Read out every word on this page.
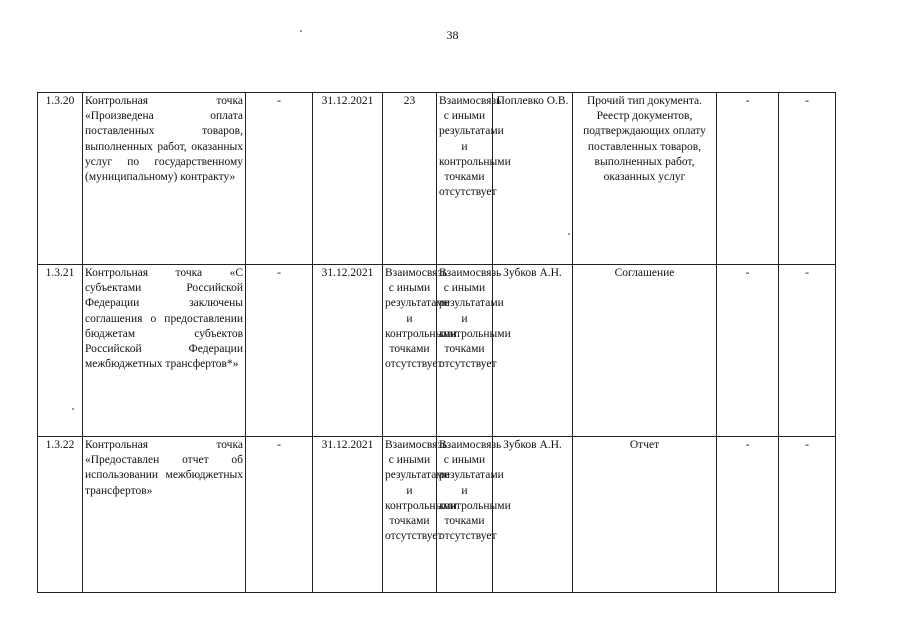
38
1.3.20	Контрольная точка «Произведена оплата поставленных товаров, выполненных работ, оказанных услуг по государственному (муниципальному) контракту»	-	31.12.2021	23	Взаимосвязь с иными результатами и контрольными точками отсутствует	Поплевко О.В.	Прочий тип документа. Реестр документов, подтверждающих оплату поставленных товаров, выполненных работ, оказанных услуг	-	-
1.3.21	Контрольная точка «С субъектами Российской Федерации заключены соглашения о предоставлении бюджетам субъектов Российской Федерации межбюджетных трансфертов*»	-	31.12.2021	Взаимосвязь с иными результатами и контрольными точками отсутствует	Взаимосвязь с иными результатами и контрольными точками отсутствует	Зубков А.Н.	Соглашение	-	-
1.3.22	Контрольная точка «Предоставлен отчет об использовании межбюджетных трансфертов»	-	31.12.2021	Взаимосвязь с иными результатами и контрольными точками отсутствует	Взаимосвязь с иными результатами и контрольными точками отсутствует	Зубков А.Н.	Отчет	-	-
